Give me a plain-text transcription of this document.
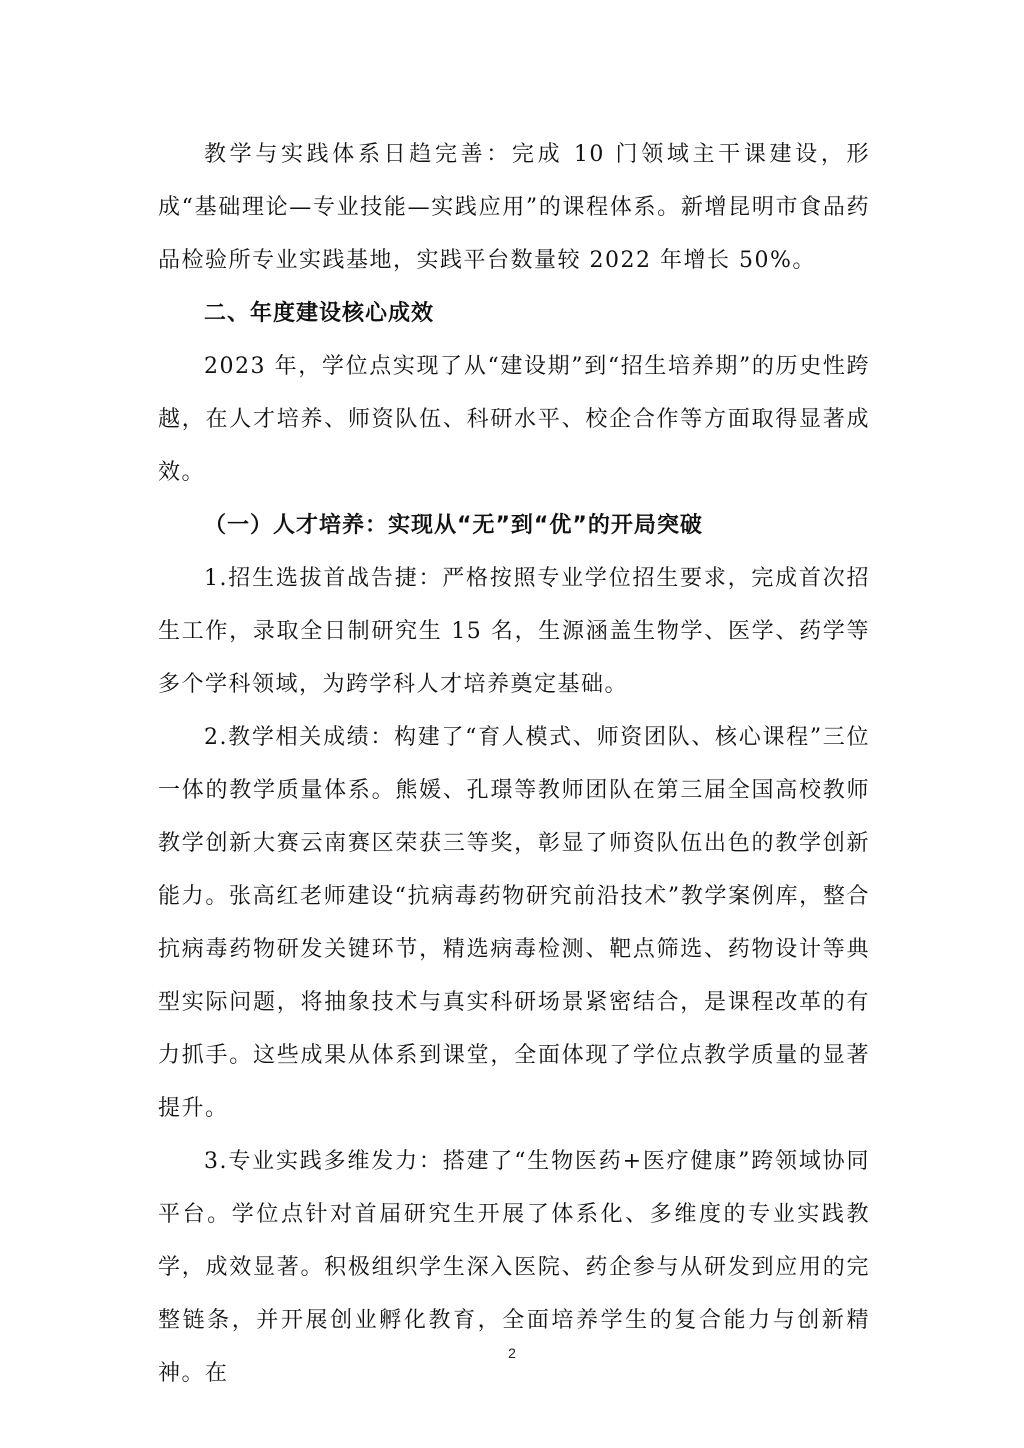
教学与实践体系日趋完善：完成 10 门领域主干课建设，形成“基础理论—专业技能—实践应用”的课程体系。新增昆明市食品药品检验所专业实践基地，实践平台数量较 2022 年增长 50%。

二、年度建设核心成效

2023 年，学位点实现了从“建设期”到“招生培养期”的历史性跨越，在人才培养、师资队伍、科研水平、校企合作等方面取得显著成效。

（一）人才培养：实现从“无”到“优”的开局突破

1.招生选拔首战告捷：严格按照专业学位招生要求，完成首次招生工作，录取全日制研究生 15 名，生源涵盖生物学、医学、药学等多个学科领域，为跨学科人才培养奠定基础。

2.教学相关成绩：构建了“育人模式、师资团队、核心课程”三位一体的教学质量体系。熊媛、孔璟等教师团队在第三届全国高校教师教学创新大赛云南赛区荣获三等奖，彰显了师资队伍出色的教学创新能力。张高红老师建设“抗病毒药物研究前沿技术”教学案例库，整合抗病毒药物研发关键环节，精选病毒检测、靶点筛选、药物设计等典型实际问题，将抽象技术与真实科研场景紧密结合，是课程改革的有力抓手。这些成果从体系到课堂，全面体现了学位点教学质量的显著提升。

3.专业实践多维发力：搭建了“生物医药+医疗健康”跨领域协同平台。学位点针对首届研究生开展了体系化、多维度的专业实践教学，成效显著。积极组织学生深入医院、药企参与从研发到应用的完整链条，并开展创业孵化教育，全面培养学生的复合能力与创新精神。在

2
